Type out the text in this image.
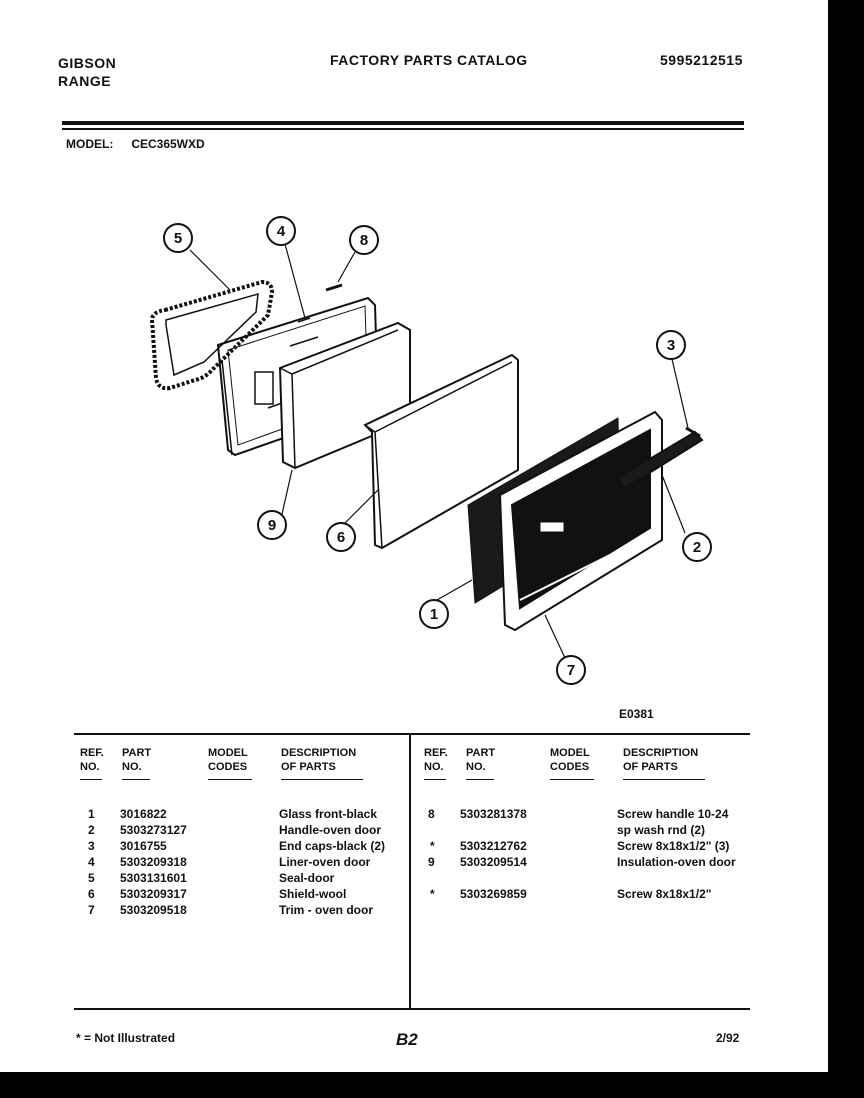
GIBSON
RANGE
FACTORY PARTS CATALOG	5995212515
MODEL: CEC365WXD
5	4
8
3
9
6
2
1
7
E0381
REF.
NO.
PART
NO.
MODEL
CODES
DESCRIPTION
OF PARTS
REF.
NO.
PART
NO.
MODEL
CODES
DESCRIPTION
OF PARTS
1 3016822	Glass front-black
2 5303273127	Handle-oven door
3 3016755	End caps-black (2)
4 5303209318	Liner-oven door
5 5303131601	Seal-door
6 5303209317	Shield-wool
7 5303209518	Trim - oven door
8 5303281378	Screw handle 10-24
sp wash rnd (2)
* 5303212762	Screw 8x18x1/2" (3)
9 5303209514	Insulation-oven door
* 5303269859	Screw 8x18x1/2"
* = Not Illustrated	B2	2/92
